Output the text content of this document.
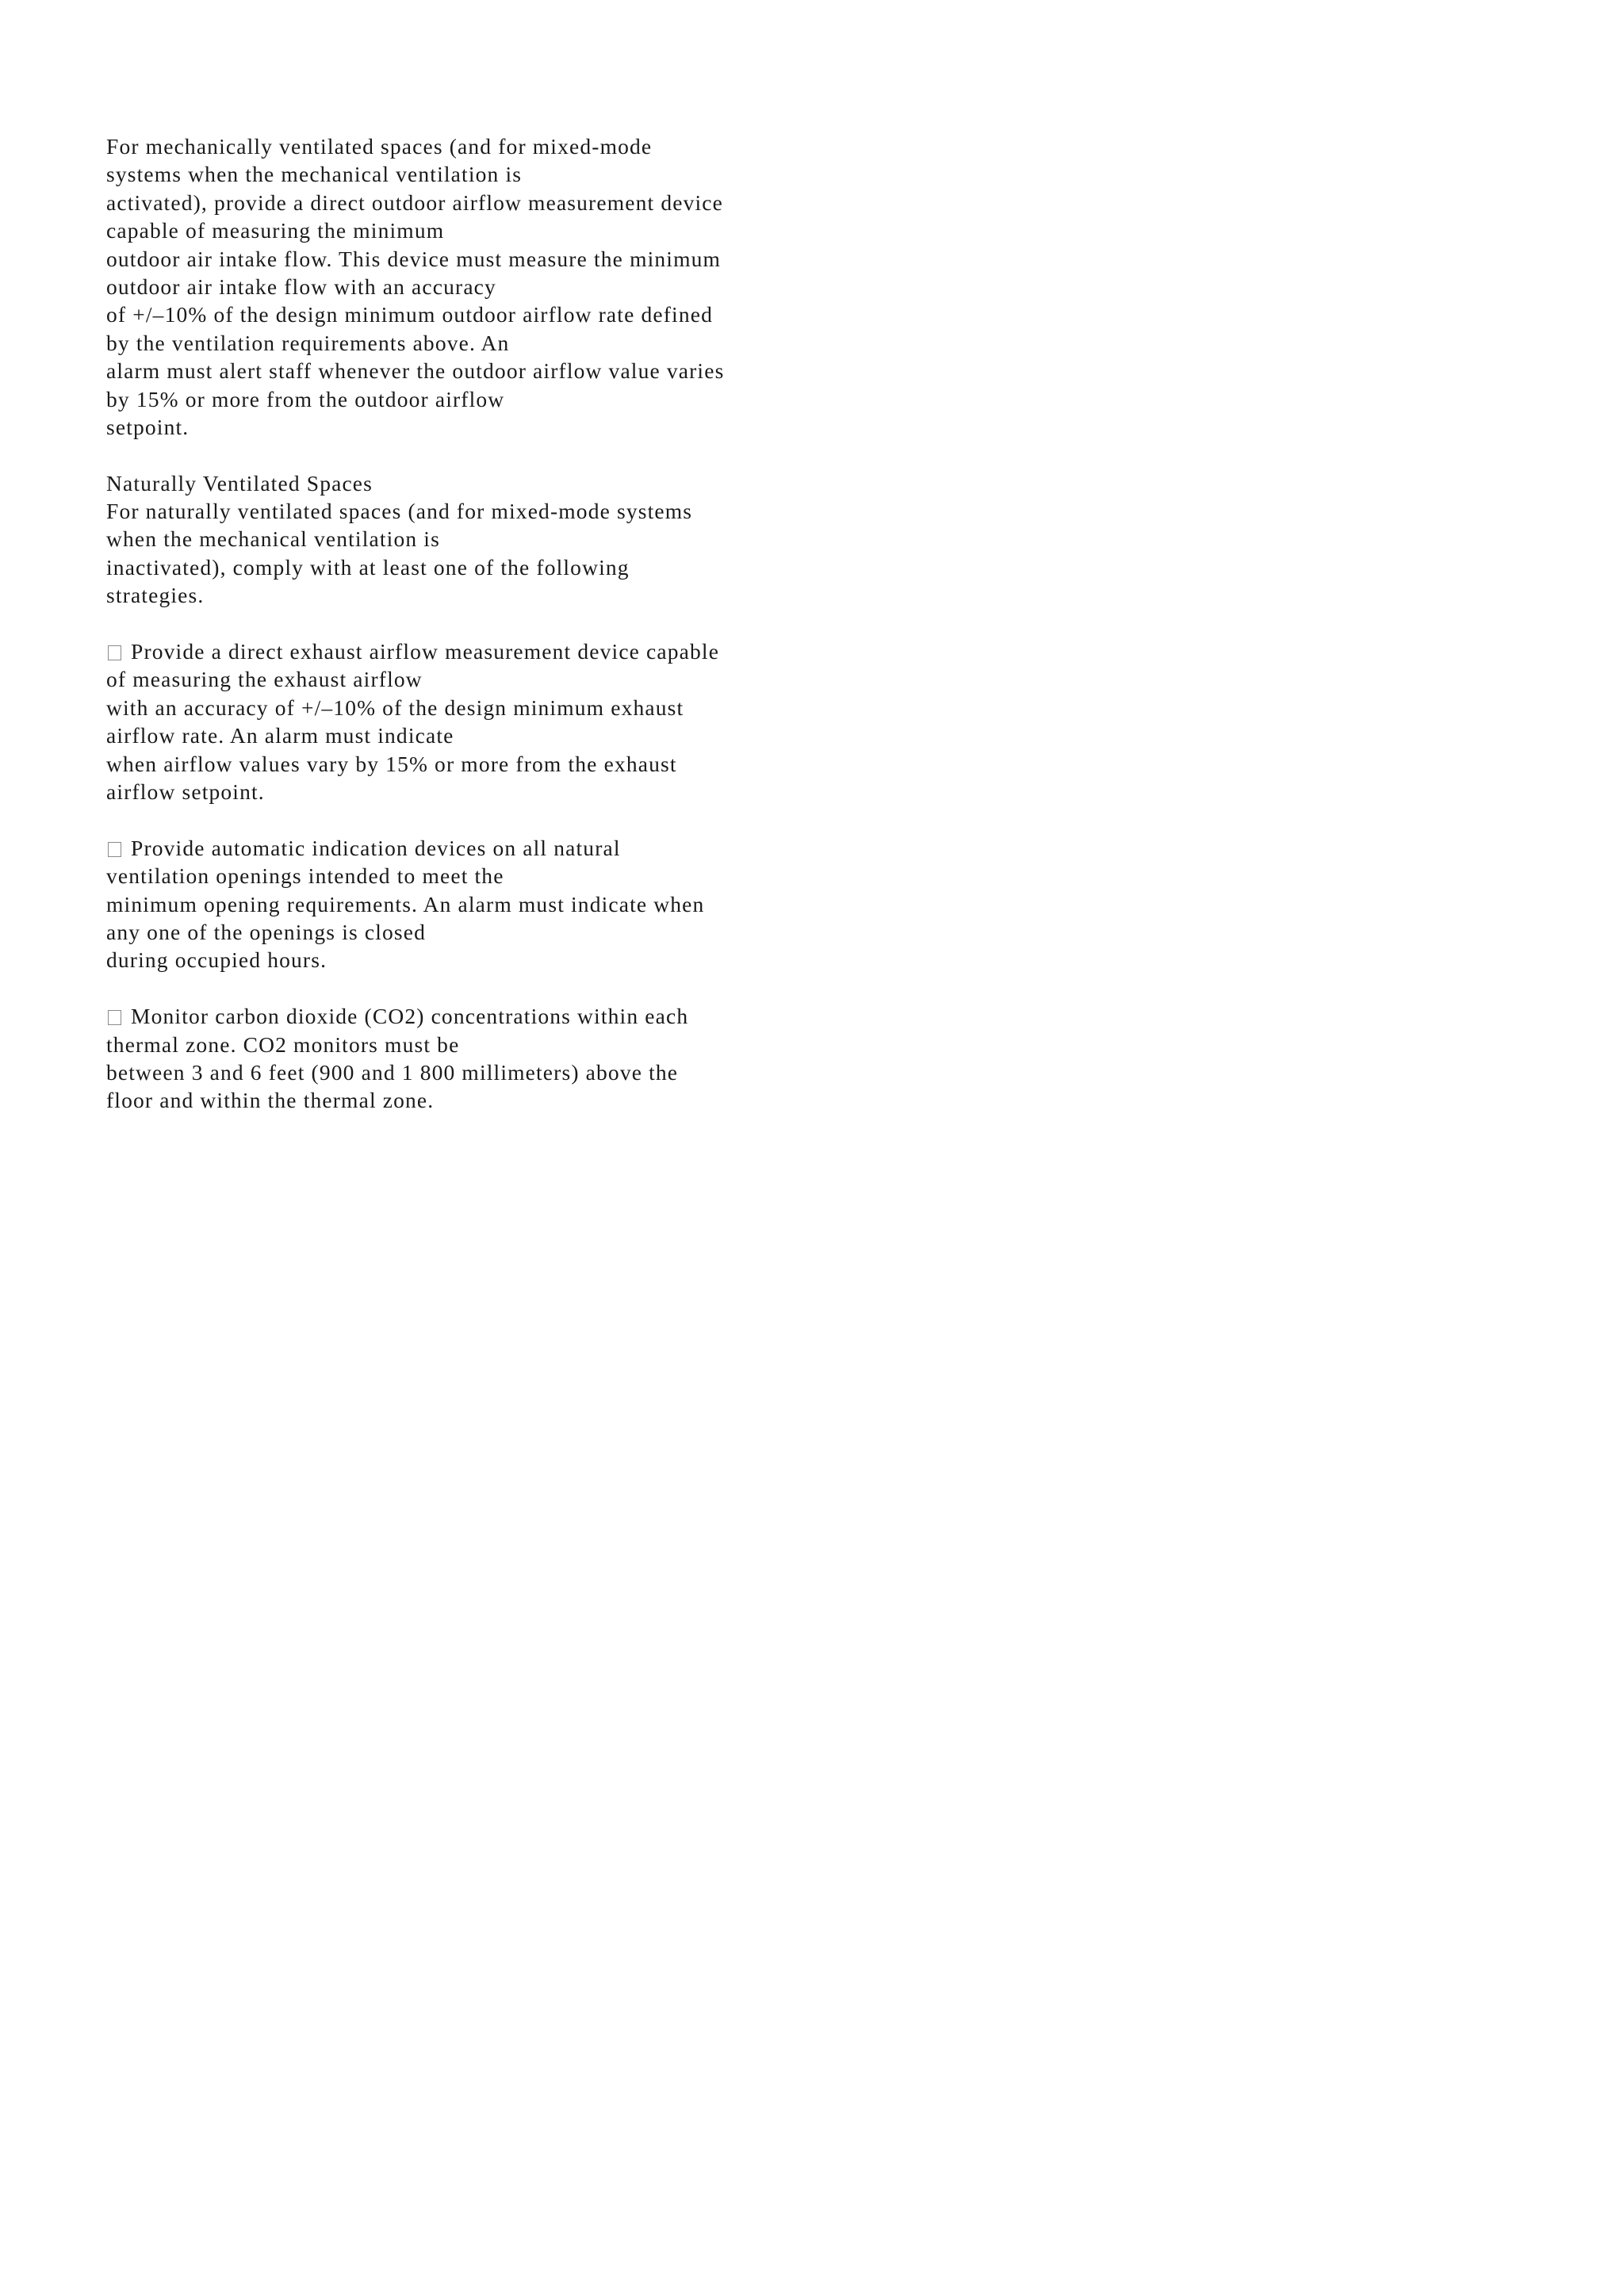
For mechanically ventilated spaces (and for mixed-mode
systems when the mechanical ventilation is
activated), provide a direct outdoor airflow measurement device
capable of measuring the minimum
outdoor air intake flow. This device must measure the minimum
outdoor air intake flow with an accuracy
of +/–10% of the design minimum outdoor airflow rate defined
by the ventilation requirements above. An
alarm must alert staff whenever the outdoor airflow value varies
by 15% or more from the outdoor airflow
setpoint.
Naturally Ventilated Spaces
For naturally ventilated spaces (and for mixed-mode systems
when the mechanical ventilation is
inactivated), comply with at least one of the following
strategies.
Provide a direct exhaust airflow measurement device capable
of measuring the exhaust airflow
with an accuracy of +/–10% of the design minimum exhaust
airflow rate. An alarm must indicate
when airflow values vary by 15% or more from the exhaust
airflow setpoint.
Provide automatic indication devices on all natural
ventilation openings intended to meet the
minimum opening requirements. An alarm must indicate when
any one of the openings is closed
during occupied hours.
Monitor carbon dioxide (CO2) concentrations within each
thermal zone. CO2 monitors must be
between 3 and 6 feet (900 and 1 800 millimeters) above the
floor and within the thermal zone.
